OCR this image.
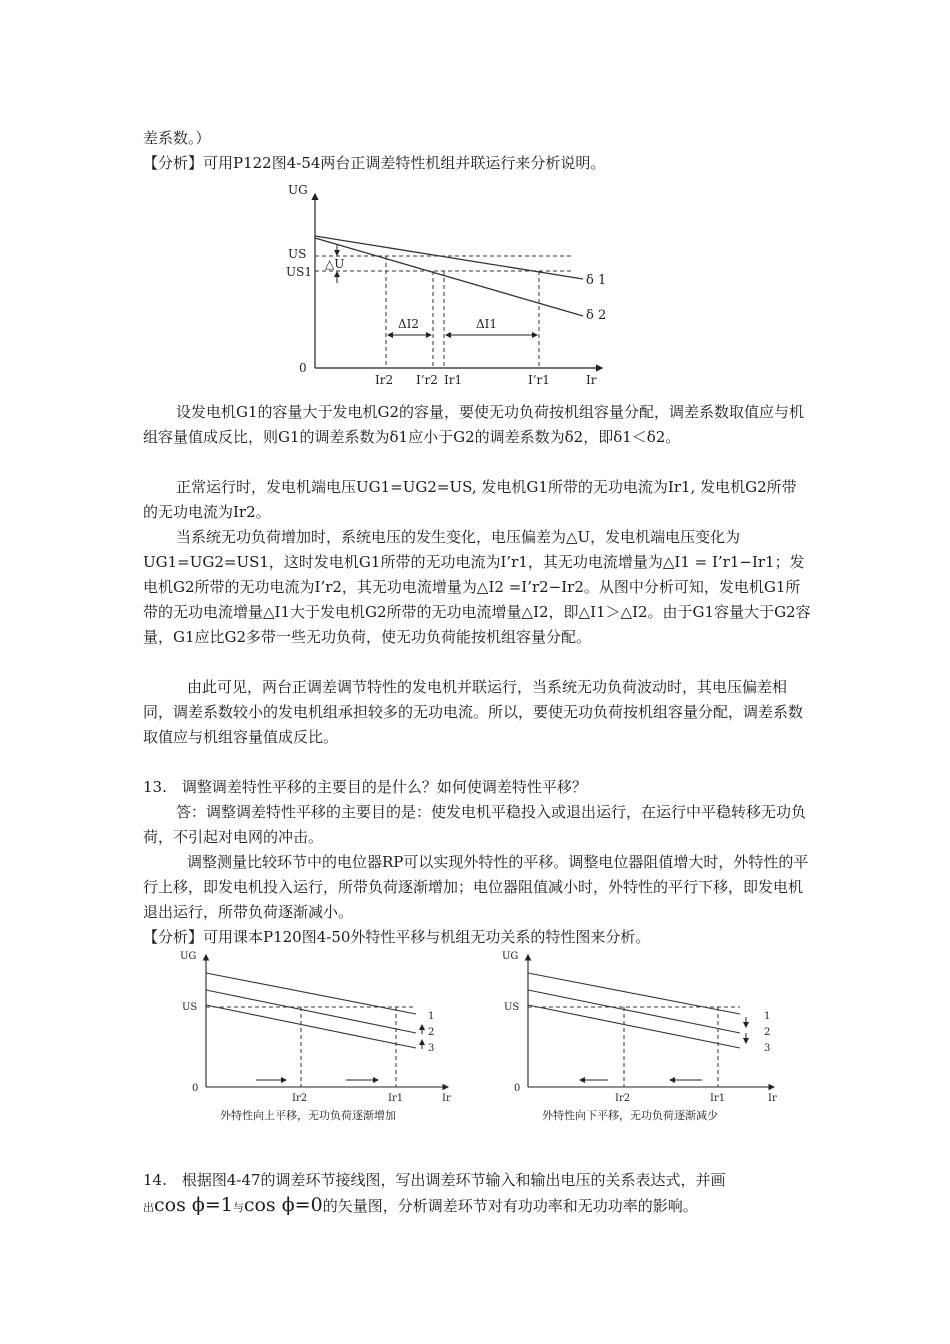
差系数。）

【分析】可用P122图4-54两台正调差特性机组并联运行来分析说明。

UG
US
US1
△U
δ 1
δ 2
ΔI2	ΔI1
0
Ir2 I’r2 Ir1	I’r1	Ir

设发电机G1的容量大于发电机G2的容量，要使无功负荷按机组容量分配，调差系数取值应与机组容量值成反比，则G1的调差系数为δ1应小于G2的调差系数为δ2，即δ1＜δ2。

正常运行时，发电机端电压UG1=UG2=US, 发电机G1所带的无功电流为Ir1, 发电机G2所带的无功电流为Ir2。

当系统无功负荷增加时，系统电压的发生变化，电压偏差为△U，发电机端电压变化为UG1=UG2=US1，这时发电机G1所带的无功电流为I’r1，其无功电流增量为△I1 = I’r1−Ir1；发电机G2所带的无功电流为I’r2，其无功电流增量为△I2 =I’r2−Ir2。从图中分析可知，发电机G1所带的无功电流增量△I1大于发电机G2所带的无功电流增量△I2，即△I1＞△I2。由于G1容量大于G2容量，G1应比G2多带一些无功负荷，使无功负荷能按机组容量分配。

由此可见，两台正调差调节特性的发电机并联运行，当系统无功负荷波动时，其电压偏差相同，调差系数较小的发电机组承担较多的无功电流。所以，要使无功负荷按机组容量分配，调差系数取值应与机组容量值成反比。

13.　调整调差特性平移的主要目的是什么？如何使调差特性平移？

答：调整调差特性平移的主要目的是：使发电机平稳投入或退出运行，在运行中平稳转移无功负荷，不引起对电网的冲击。

调整测量比较环节中的电位器RP可以实现外特性的平移。调整电位器阻值增大时，外特性的平行上移，即发电机投入运行，所带负荷逐渐增加；电位器阻值减小时，外特性的平行下移，即发电机退出运行，所带负荷逐渐减小。

【分析】可用课本P120图4-50外特性平移与机组无功关系的特性图来分析。

UG
US
0
1
2
3
Ir2	Ir1	Ir
外特性向上平移，无功负荷逐渐增加
UG
US
0
1
2
3
Ir2	Ir1	Ir
外特性向下平移，无功负荷逐渐减少

14.　根据图4-47的调差环节接线图，写出调差环节输入和输出电压的关系表达式，并画
出cos ϕ=1与cos ϕ=0的矢量图，分析调差环节对有功功率和无功功率的影响。
